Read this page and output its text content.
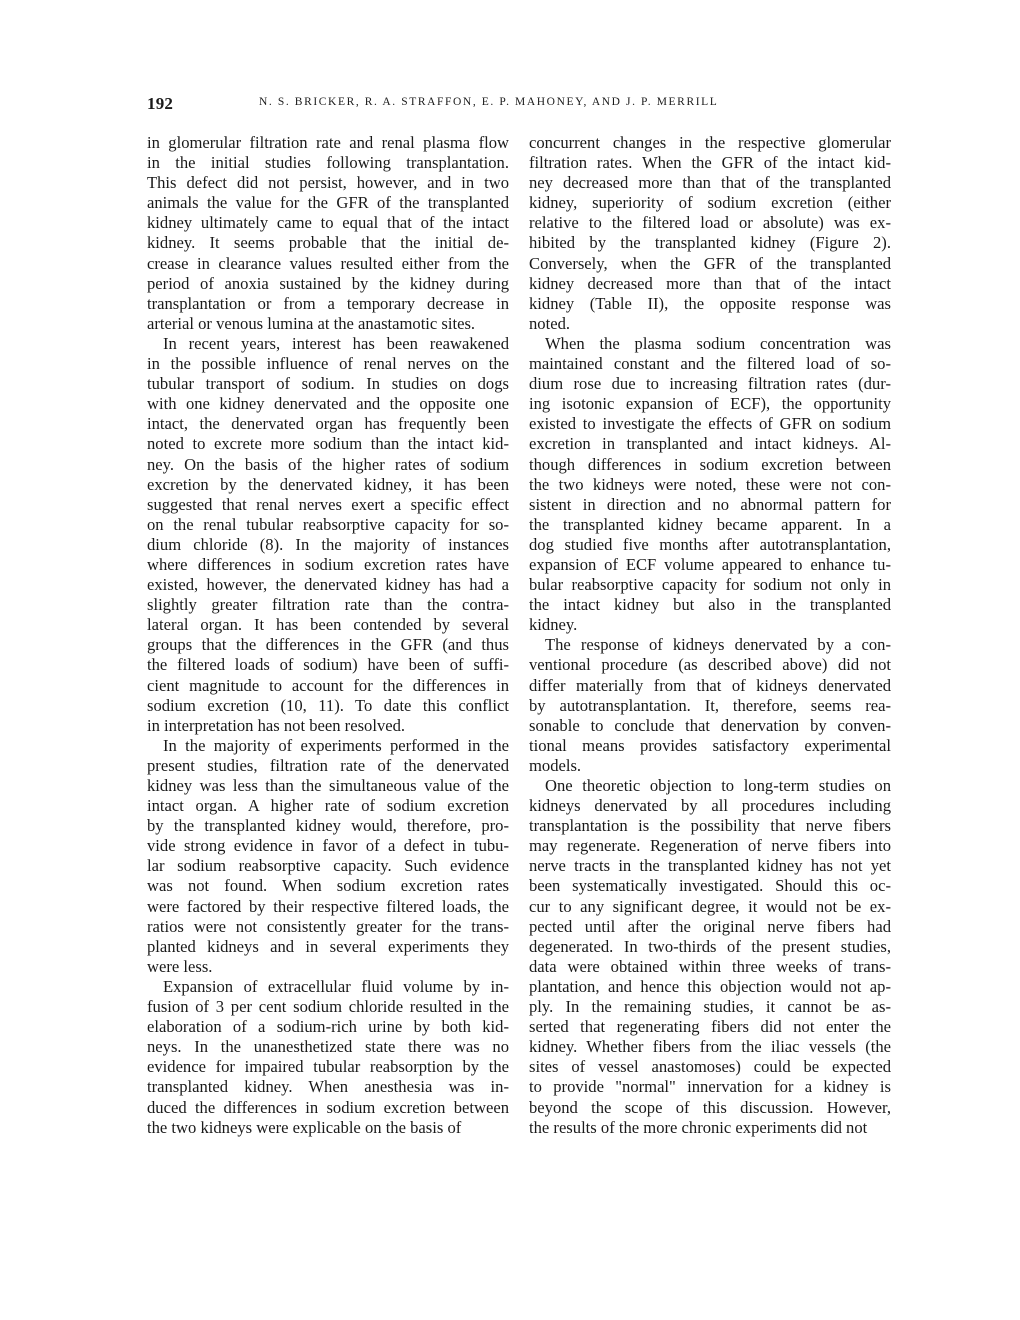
192	N. S. BRICKER, R. A. STRAFFON, E. P. MAHONEY, AND J. P. MERRILL
in glomerular filtration rate and renal plasma flow
in the initial studies following transplantation.
This defect did not persist, however, and in two
animals the value for the GFR of the transplanted
kidney ultimately came to equal that of the intact
kidney. It seems probable that the initial de-
crease in clearance values resulted either from the
period of anoxia sustained by the kidney during
transplantation or from a temporary decrease in
arterial or venous lumina at the anastamotic sites.
In recent years, interest has been reawakened
in the possible influence of renal nerves on the
tubular transport of sodium. In studies on dogs
with one kidney denervated and the opposite one
intact, the denervated organ has frequently been
noted to excrete more sodium than the intact kid-
ney. On the basis of the higher rates of sodium
excretion by the denervated kidney, it has been
suggested that renal nerves exert a specific effect
on the renal tubular reabsorptive capacity for so-
dium chloride (8). In the majority of instances
where differences in sodium excretion rates have
existed, however, the denervated kidney has had a
slightly greater filtration rate than the contra-
lateral organ. It has been contended by several
groups that the differences in the GFR (and thus
the filtered loads of sodium) have been of suffi-
cient magnitude to account for the differences in
sodium excretion (10, 11). To date this conflict
in interpretation has not been resolved.
In the majority of experiments performed in the
present studies, filtration rate of the denervated
kidney was less than the simultaneous value of the
intact organ. A higher rate of sodium excretion
by the transplanted kidney would, therefore, pro-
vide strong evidence in favor of a defect in tubu-
lar sodium reabsorptive capacity. Such evidence
was not found. When sodium excretion rates
were factored by their respective filtered loads, the
ratios were not consistently greater for the trans-
planted kidneys and in several experiments they
were less.
Expansion of extracellular fluid volume by in-
fusion of 3 per cent sodium chloride resulted in the
elaboration of a sodium-rich urine by both kid-
neys. In the unanesthetized state there was no
evidence for impaired tubular reabsorption by the
transplanted kidney. When anesthesia was in-
duced the differences in sodium excretion between
the two kidneys were explicable on the basis of
concurrent changes in the respective glomerular
filtration rates. When the GFR of the intact kid-
ney decreased more than that of the transplanted
kidney, superiority of sodium excretion (either
relative to the filtered load or absolute) was ex-
hibited by the transplanted kidney (Figure 2).
Conversely, when the GFR of the transplanted
kidney decreased more than that of the intact
kidney (Table II), the opposite response was
noted.
When the plasma sodium concentration was
maintained constant and the filtered load of so-
dium rose due to increasing filtration rates (dur-
ing isotonic expansion of ECF), the opportunity
existed to investigate the effects of GFR on sodium
excretion in transplanted and intact kidneys. Al-
though differences in sodium excretion between
the two kidneys were noted, these were not con-
sistent in direction and no abnormal pattern for
the transplanted kidney became apparent. In a
dog studied five months after autotransplantation,
expansion of ECF volume appeared to enhance tu-
bular reabsorptive capacity for sodium not only in
the intact kidney but also in the transplanted
kidney.
The response of kidneys denervated by a con-
ventional procedure (as described above) did not
differ materially from that of kidneys denervated
by autotransplantation. It, therefore, seems rea-
sonable to conclude that denervation by conven-
tional means provides satisfactory experimental
models.
One theoretic objection to long-term studies on
kidneys denervated by all procedures including
transplantation is the possibility that nerve fibers
may regenerate. Regeneration of nerve fibers into
nerve tracts in the transplanted kidney has not yet
been systematically investigated. Should this oc-
cur to any significant degree, it would not be ex-
pected until after the original nerve fibers had
degenerated. In two-thirds of the present studies,
data were obtained within three weeks of trans-
plantation, and hence this objection would not ap-
ply. In the remaining studies, it cannot be as-
serted that regenerating fibers did not enter the
kidney. Whether fibers from the iliac vessels (the
sites of vessel anastomoses) could be expected
to provide "normal" innervation for a kidney is
beyond the scope of this discussion. However,
the results of the more chronic experiments did not
